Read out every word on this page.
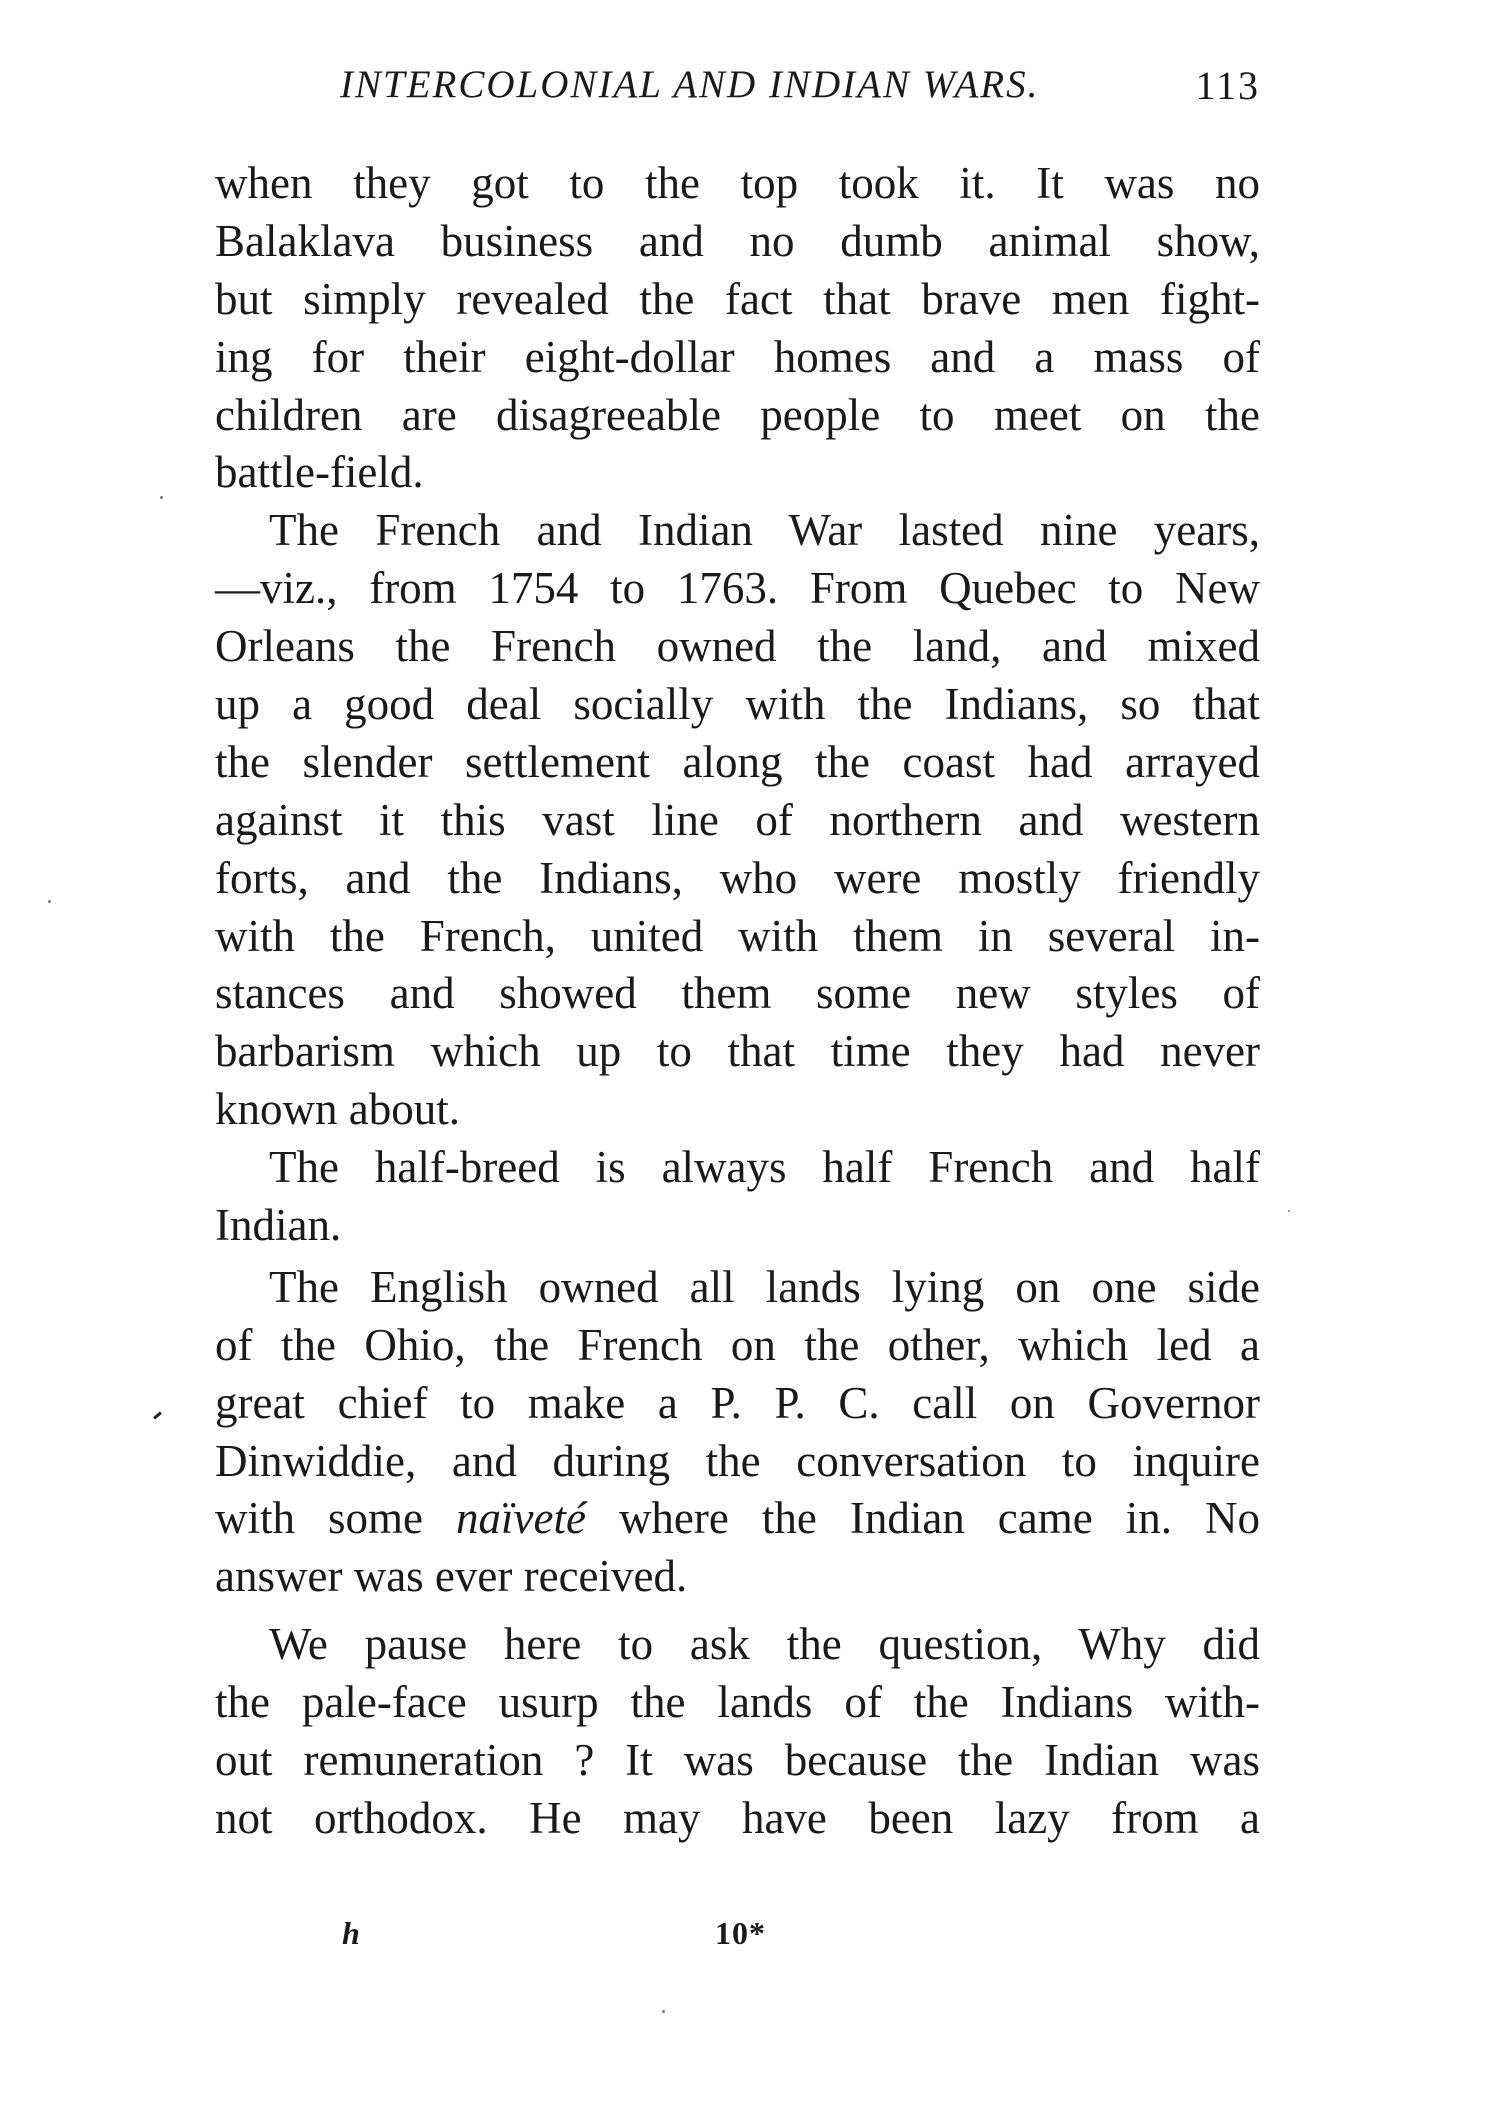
INTERCOLONIAL AND INDIAN WARS.	113
when they got to the top took it. It was no
Balaklava business and no dumb animal show,
but simply revealed the fact that brave men fight-
ing for their eight-dollar homes and a mass of
children are disagreeable people to meet on the
battle-field.
The French and Indian War lasted nine years,
—viz., from 1754 to 1763. From Quebec to New
Orleans the French owned the land, and mixed
up a good deal socially with the Indians, so that
the slender settlement along the coast had arrayed
against it this vast line of northern and western
forts, and the Indians, who were mostly friendly
with the French, united with them in several in-
stances and showed them some new styles of
barbarism which up to that time they had never
known about.
The half-breed is always half French and half
Indian.
The English owned all lands lying on one side
of the Ohio, the French on the other, which led a
great chief to make a P. P. C. call on Governor
Dinwiddie, and during the conversation to inquire
with some naïveté where the Indian came in. No
answer was ever received.
We pause here to ask the question, Why did
the pale-face usurp the lands of the Indians with-
out remuneration ? It was because the Indian was
not orthodox. He may have been lazy from a
h	10*
